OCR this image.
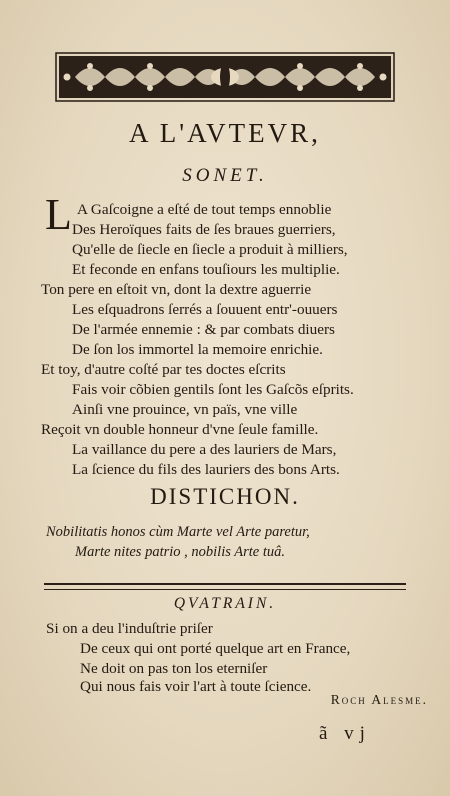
A L'AVTEVR,
SONET.
L A Gaſcoigne a eſté de tout temps ennoblie
Des Heroïques faits de ſes braues guerriers,
Qu'elle de ſiecle en ſiecle a produit à milliers,
Et feconde en enfans touſiours les multiplie.
Ton pere en eſtoit vn, dont la dextre aguerrie
Les eſquadrons ſerrés a ſouuent entr'-ouuers
De l'armée ennemie : & par combats diuers
De ſon los immortel la memoire enrichie.
Et toy, d'autre coſté par tes doctes eſcrits
Fais voir cõbien gentils ſont les Gaſcõs eſprits.
Ainſi vne prouince, vn païs, vne ville
Reçoit vn double honneur d'vne ſeule famille.
La vaillance du pere a des lauriers de Mars,
La ſcience du fils des lauriers des bons Arts.
DISTICHON.
Nobilitatis honos cùm Marte vel Arte paretur,
Marte nites patrio , nobilis Arte tuâ.
QVATRAIN.
Si on a deu l'induſtrie priſer
De ceux qui ont porté quelque art en France,
Ne doit on pas ton los eterniſer
Qui nous fais voir l'art à toute ſcience.
Roch Alesme.
ã vj
